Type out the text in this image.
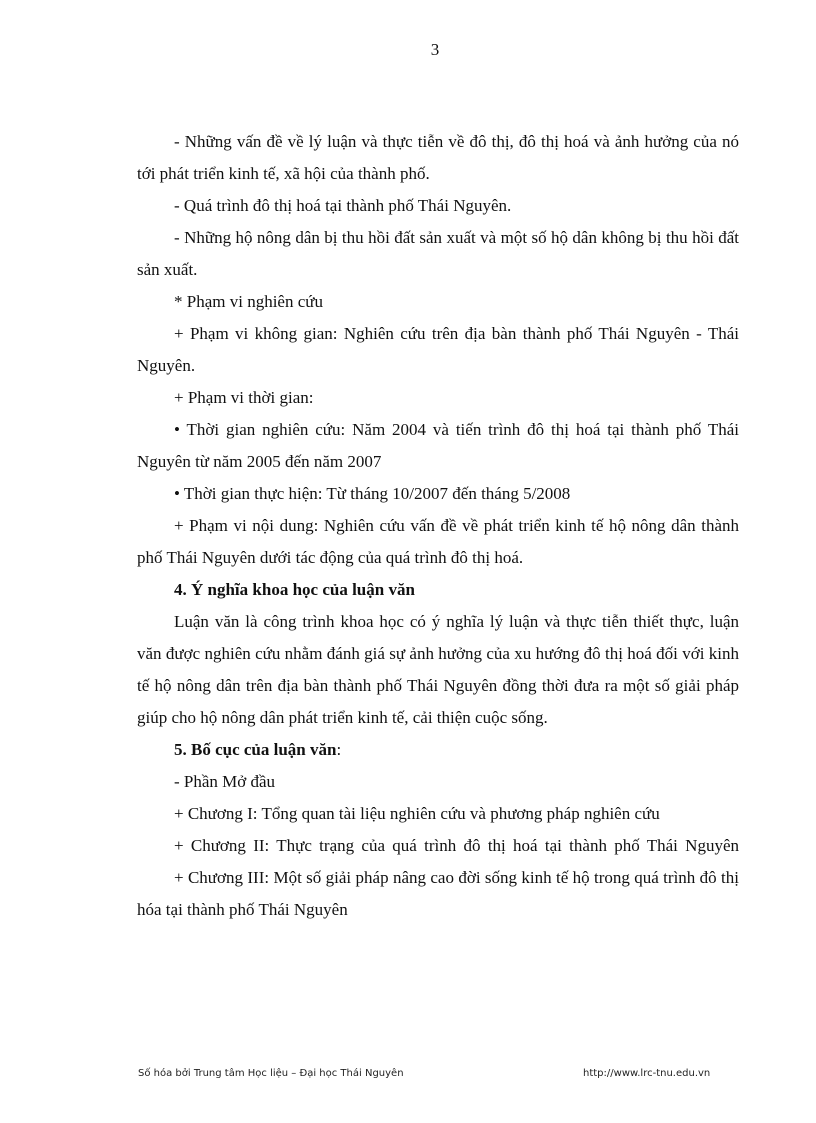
3

- Những vấn đề về lý luận và thực tiễn về đô thị, đô thị hoá và ảnh hưởng của nó tới phát triển kinh tế, xã hội của thành phố.

- Quá trình đô thị hoá tại thành phố Thái Nguyên.

- Những hộ nông dân bị thu hồi đất sản xuất và một số hộ dân không bị thu hồi đất sản xuất.

* Phạm vi nghiên cứu

+ Phạm vi không gian: Nghiên cứu trên địa bàn thành phố Thái Nguyên - Thái Nguyên.

+ Phạm vi thời gian:

• Thời gian nghiên cứu: Năm 2004 và tiến trình đô thị hoá tại thành phố Thái Nguyên từ năm 2005 đến năm 2007

• Thời gian thực hiện: Từ tháng 10/2007 đến tháng 5/2008

+ Phạm vi nội dung: Nghiên cứu vấn đề về phát triển kinh tế hộ nông dân thành phố Thái Nguyên dưới tác động của quá trình đô thị hoá.

4. Ý nghĩa khoa học của luận văn

Luận văn là công trình khoa học có ý nghĩa lý luận và thực tiễn thiết thực, luận văn được nghiên cứu nhằm đánh giá sự ảnh hưởng của xu hướng đô thị hoá đối với kinh tế hộ nông dân trên địa bàn thành phố Thái Nguyên đồng thời đưa ra một số giải pháp giúp cho hộ nông dân phát triển kinh tế, cải thiện cuộc sống.

5. Bố cục của luận văn:

- Phần Mở đầu

+ Chương I: Tổng quan tài liệu nghiên cứu và phương pháp nghiên cứu

+ Chương II: Thực trạng của quá trình đô thị hoá tại thành phố Thái Nguyên

+ Chương III: Một số giải pháp nâng cao đời sống kinh tế hộ trong quá trình đô thị hóa tại thành phố Thái Nguyên

Số hóa bởi Trung tâm Học liệu – Đại học Thái Nguyên	http://www.lrc-tnu.edu.vn
